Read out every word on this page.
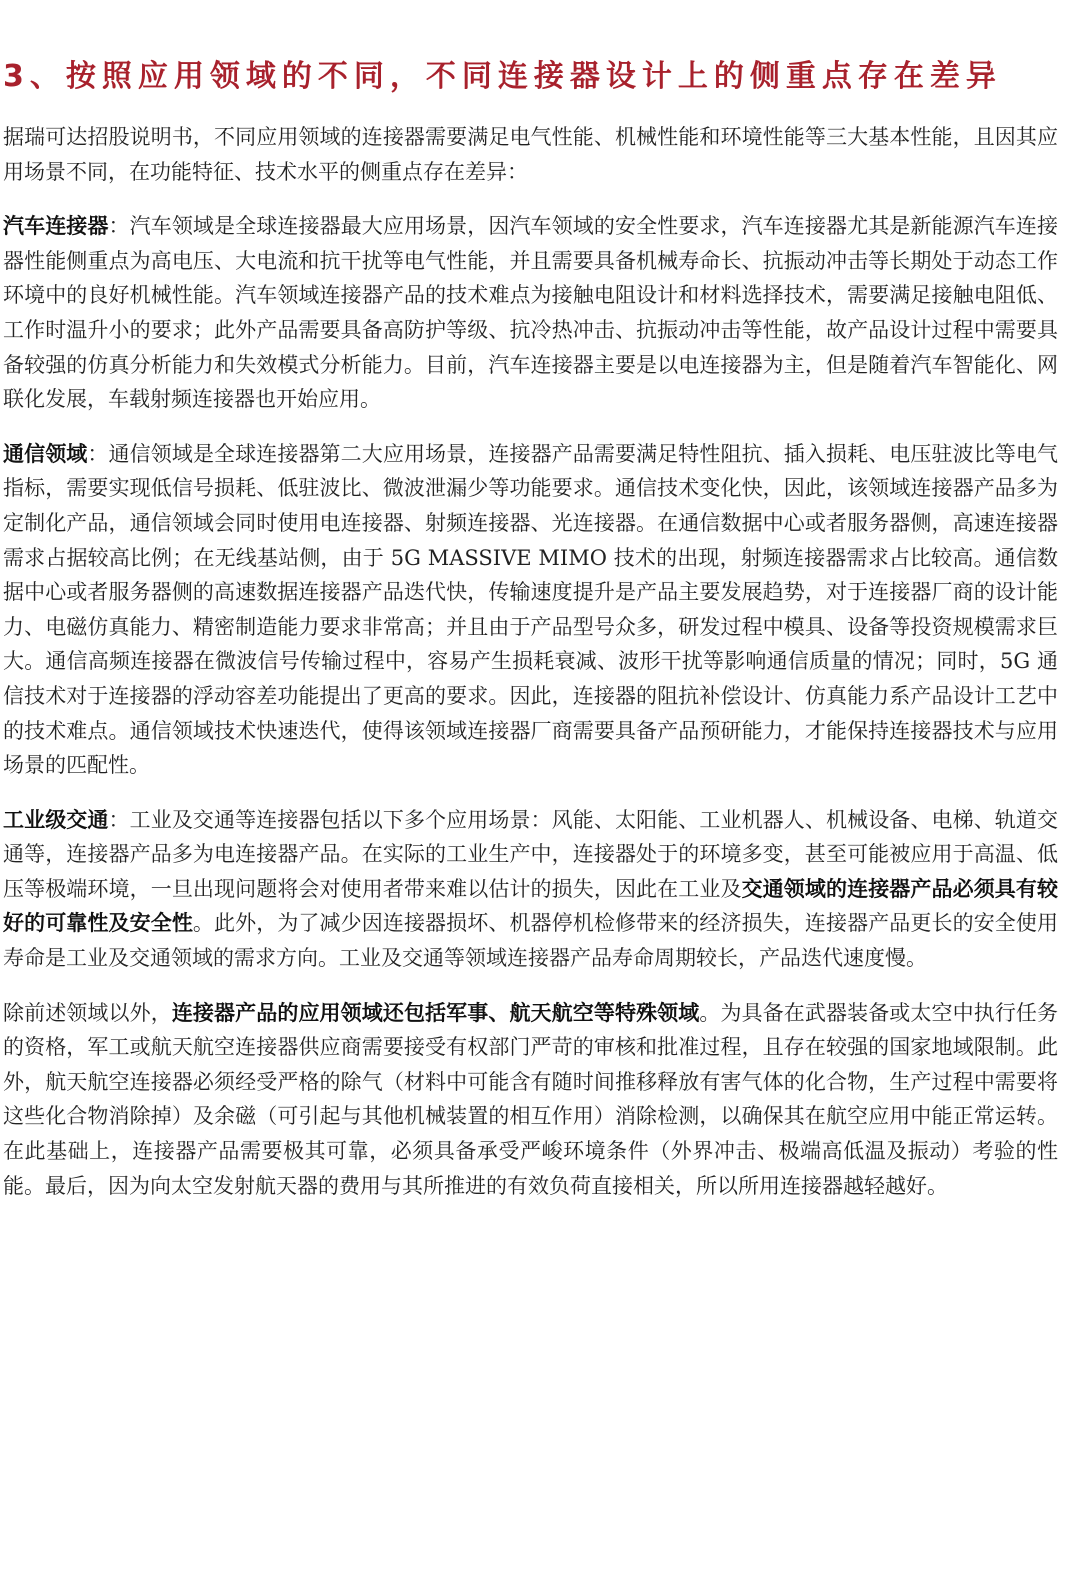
3、按照应用领域的不同，不同连接器设计上的侧重点存在差异

据瑞可达招股说明书，不同应用领域的连接器需要满足电气性能、机械性能和环境性能等三大基本性能，且因其应用场景不同，在功能特征、技术水平的侧重点存在差异：

汽车连接器：汽车领域是全球连接器最大应用场景，因汽车领域的安全性要求，汽车连接器尤其是新能源汽车连接器性能侧重点为高电压、大电流和抗干扰等电气性能，并且需要具备机械寿命长、抗振动冲击等长期处于动态工作环境中的良好机械性能。汽车领域连接器产品的技术难点为接触电阻设计和材料选择技术，需要满足接触电阻低、工作时温升小的要求；此外产品需要具备高防护等级、抗冷热冲击、抗振动冲击等性能，故产品设计过程中需要具备较强的仿真分析能力和失效模式分析能力。目前，汽车连接器主要是以电连接器为主，但是随着汽车智能化、网联化发展，车载射频连接器也开始应用。

通信领域：通信领域是全球连接器第二大应用场景，连接器产品需要满足特性阻抗、插入损耗、电压驻波比等电气指标，需要实现低信号损耗、低驻波比、微波泄漏少等功能要求。通信技术变化快，因此，该领域连接器产品多为定制化产品，通信领域会同时使用电连接器、射频连接器、光连接器。在通信数据中心或者服务器侧，高速连接器需求占据较高比例；在无线基站侧，由于 5G MASSIVE MIMO 技术的出现，射频连接器需求占比较高。通信数据中心或者服务器侧的高速数据连接器产品迭代快，传输速度提升是产品主要发展趋势，对于连接器厂商的设计能力、电磁仿真能力、精密制造能力要求非常高；并且由于产品型号众多，研发过程中模具、设备等投资规模需求巨大。通信高频连接器在微波信号传输过程中，容易产生损耗衰减、波形干扰等影响通信质量的情况；同时，5G 通信技术对于连接器的浮动容差功能提出了更高的要求。因此，连接器的阻抗补偿设计、仿真能力系产品设计工艺中的技术难点。通信领域技术快速迭代，使得该领域连接器厂商需要具备产品预研能力，才能保持连接器技术与应用场景的匹配性。

工业级交通：工业及交通等连接器包括以下多个应用场景：风能、太阳能、工业机器人、机械设备、电梯、轨道交通等，连接器产品多为电连接器产品。在实际的工业生产中，连接器处于的环境多变，甚至可能被应用于高温、低压等极端环境，一旦出现问题将会对使用者带来难以估计的损失，因此在工业及交通领域的连接器产品必须具有较好的可靠性及安全性。此外，为了减少因连接器损坏、机器停机检修带来的经济损失，连接器产品更长的安全使用寿命是工业及交通领域的需求方向。工业及交通等领域连接器产品寿命周期较长，产品迭代速度慢。

除前述领域以外，连接器产品的应用领域还包括军事、航天航空等特殊领域。为具备在武器装备或太空中执行任务的资格，军工或航天航空连接器供应商需要接受有权部门严苛的审核和批准过程，且存在较强的国家地域限制。此外，航天航空连接器必须经受严格的除气（材料中可能含有随时间推移释放有害气体的化合物，生产过程中需要将这些化合物消除掉）及余磁（可引起与其他机械装置的相互作用）消除检测，以确保其在航空应用中能正常运转。在此基础上，连接器产品需要极其可靠，必须具备承受严峻环境条件（外界冲击、极端高低温及振动）考验的性能。最后，因为向太空发射航天器的费用与其所推进的有效负荷直接相关，所以所用连接器越轻越好。
